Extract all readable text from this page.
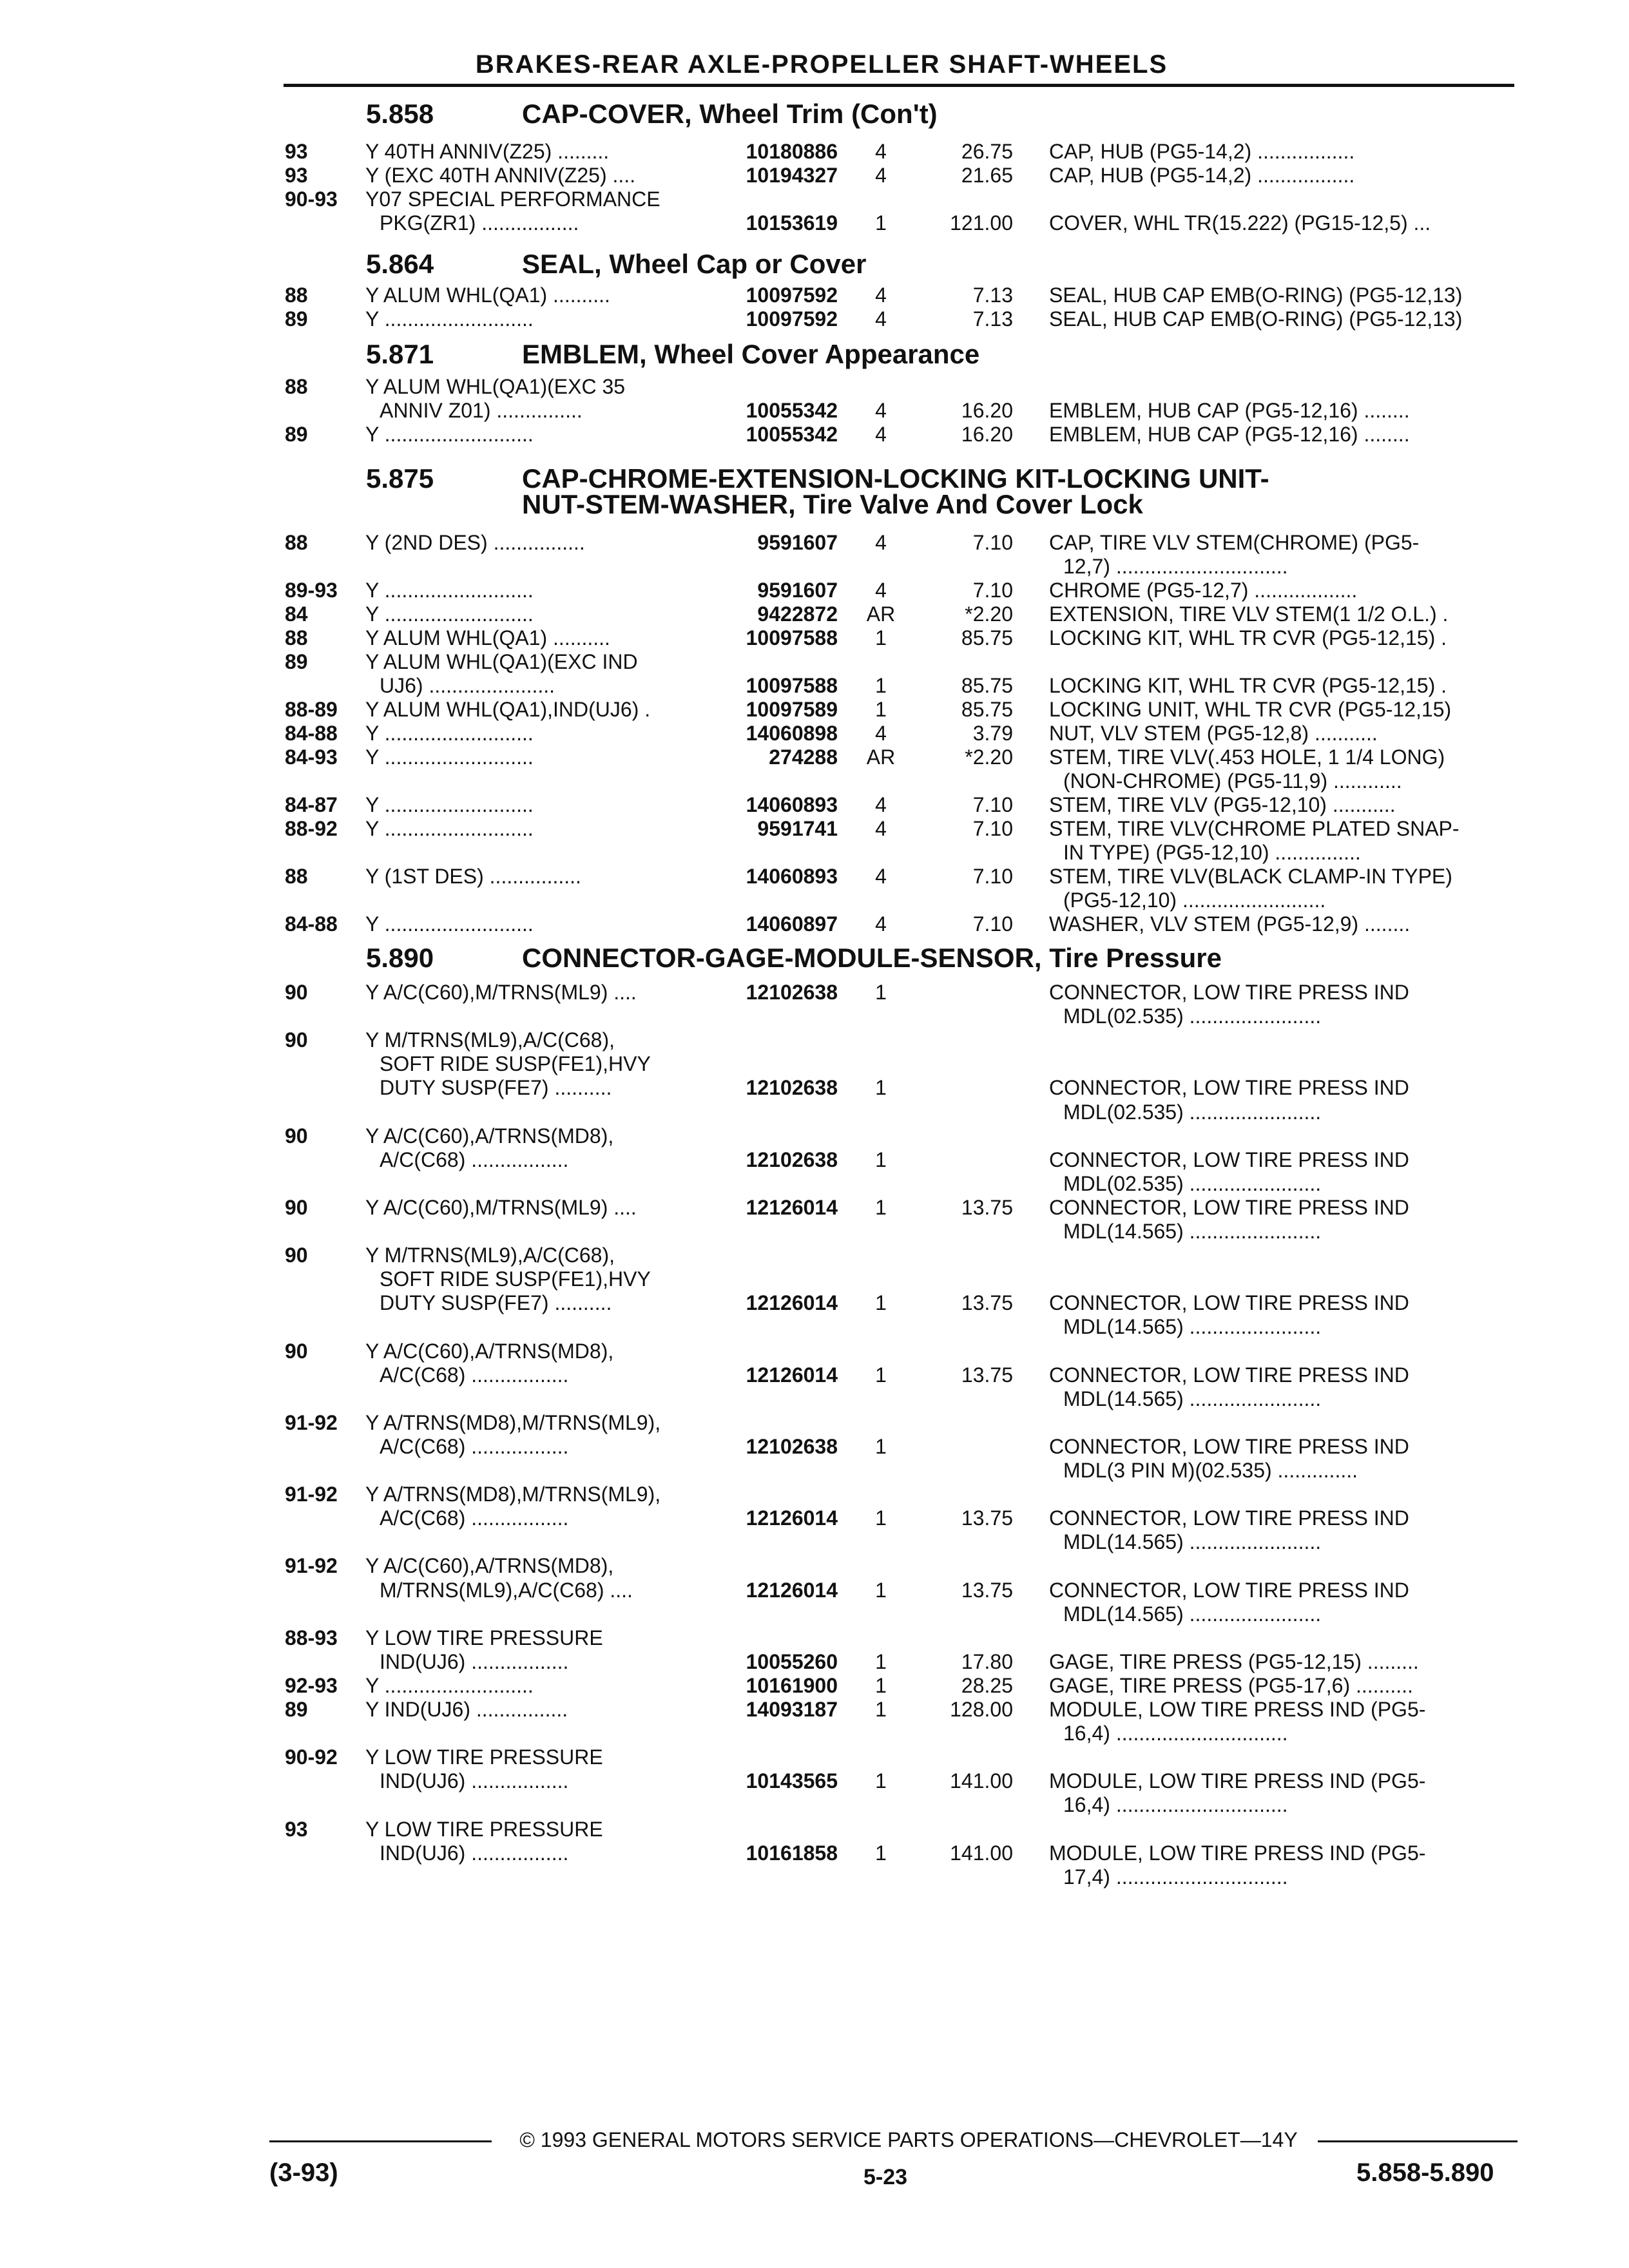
BRAKES-REAR AXLE-PROPELLER SHAFT-WHEELS
5.858	CAP-COVER, Wheel Trim (Con't)
93	Y 40TH ANNIV(Z25) .........	10180886	4	26.75 CAP, HUB (PG5-14,2) .................
93	Y (EXC 40TH ANNIV(Z25) ....	10194327	4	21.65 CAP, HUB (PG5-14,2) .................
90-93 Y07 SPECIAL PERFORMANCE
PKG(ZR1) .................	10153619	1	121.00 COVER, WHL TR(15.222) (PG15-12,5) ...
5.864	SEAL, Wheel Cap or Cover
88	Y ALUM WHL(QA1) ..........	10097592	4	7.13 SEAL, HUB CAP EMB(O-RING) (PG5-12,13)
89	Y ..........................	10097592	4	7.13 SEAL, HUB CAP EMB(O-RING) (PG5-12,13)
5.871	EMBLEM, Wheel Cover Appearance
88	Y ALUM WHL(QA1)(EXC 35
ANNIV Z01) ...............	10055342	4	16.20 EMBLEM, HUB CAP (PG5-12,16) ........
89	Y ..........................	10055342	4	16.20 EMBLEM, HUB CAP (PG5-12,16) ........
5.875	CAP-CHROME-EXTENSION-LOCKING KIT-LOCKING UNIT-
NUT-STEM-WASHER, Tire Valve And Cover Lock
88	Y (2ND DES) ................	9591607	4	7.10 CAP, TIRE VLV STEM(CHROME) (PG5-
12,7) ..............................
89-93 Y ..........................	9591607	4	7.10 CHROME (PG5-12,7) ..................
84	Y ..........................	9422872	AR	*2.20 EXTENSION, TIRE VLV STEM(1 1/2 O.L.) .
88	Y ALUM WHL(QA1) ..........	10097588	1	85.75 LOCKING KIT, WHL TR CVR (PG5-12,15) .
89	Y ALUM WHL(QA1)(EXC IND
UJ6) ......................	10097588	1	85.75 LOCKING KIT, WHL TR CVR (PG5-12,15) .
88-89 Y ALUM WHL(QA1),IND(UJ6) .	10097589	1	85.75 LOCKING UNIT, WHL TR CVR (PG5-12,15)
84-88 Y ..........................	14060898	4	3.79 NUT, VLV STEM (PG5-12,8) ...........
84-93 Y ..........................	274288	AR	*2.20 STEM, TIRE VLV(.453 HOLE, 1 1/4 LONG)
(NON-CHROME) (PG5-11,9) ............
84-87 Y ..........................	14060893	4	7.10 STEM, TIRE VLV (PG5-12,10) ...........
88-92 Y ..........................	9591741	4	7.10 STEM, TIRE VLV(CHROME PLATED SNAP-
IN TYPE) (PG5-12,10) ...............
88	Y (1ST DES) ................	14060893	4	7.10 STEM, TIRE VLV(BLACK CLAMP-IN TYPE)
(PG5-12,10) .........................
84-88 Y ..........................	14060897	4	7.10 WASHER, VLV STEM (PG5-12,9) ........
5.890	CONNECTOR-GAGE-MODULE-SENSOR, Tire Pressure
90	Y A/C(C60),M/TRNS(ML9) ....	12102638	1	CONNECTOR, LOW TIRE PRESS IND
MDL(02.535) .......................
90	Y M/TRNS(ML9),A/C(C68),
SOFT RIDE SUSP(FE1),HVY
DUTY SUSP(FE7) ..........	12102638	1	CONNECTOR, LOW TIRE PRESS IND
MDL(02.535) .......................
90	Y A/C(C60),A/TRNS(MD8),
A/C(C68) .................	12102638	1	CONNECTOR, LOW TIRE PRESS IND
MDL(02.535) .......................
90	Y A/C(C60),M/TRNS(ML9) ....	12126014	1	13.75 CONNECTOR, LOW TIRE PRESS IND
MDL(14.565) .......................
90	Y M/TRNS(ML9),A/C(C68),
SOFT RIDE SUSP(FE1),HVY
DUTY SUSP(FE7) ..........	12126014	1	13.75 CONNECTOR, LOW TIRE PRESS IND
MDL(14.565) .......................
90	Y A/C(C60),A/TRNS(MD8),
A/C(C68) .................	12126014	1	13.75 CONNECTOR, LOW TIRE PRESS IND
MDL(14.565) .......................
91-92 Y A/TRNS(MD8),M/TRNS(ML9),
A/C(C68) .................	12102638	1	CONNECTOR, LOW TIRE PRESS IND
MDL(3 PIN M)(02.535) ..............
91-92 Y A/TRNS(MD8),M/TRNS(ML9),
A/C(C68) .................	12126014	1	13.75 CONNECTOR, LOW TIRE PRESS IND
MDL(14.565) .......................
91-92 Y A/C(C60),A/TRNS(MD8),
M/TRNS(ML9),A/C(C68) ....	12126014	1	13.75 CONNECTOR, LOW TIRE PRESS IND
MDL(14.565) .......................
88-93 Y LOW TIRE PRESSURE
IND(UJ6) .................	10055260	1	17.80 GAGE, TIRE PRESS (PG5-12,15) .........
92-93 Y ..........................	10161900	1	28.25 GAGE, TIRE PRESS (PG5-17,6) ..........
89	Y IND(UJ6) ................	14093187	1	128.00 MODULE, LOW TIRE PRESS IND (PG5-
16,4) ..............................
90-92 Y LOW TIRE PRESSURE
IND(UJ6) .................	10143565	1	141.00 MODULE, LOW TIRE PRESS IND (PG5-
16,4) ..............................
93	Y LOW TIRE PRESSURE
IND(UJ6) .................	10161858	1	141.00 MODULE, LOW TIRE PRESS IND (PG5-
17,4) ..............................
© 1993 GENERAL MOTORS SERVICE PARTS OPERATIONS—CHEVROLET—14Y
(3-93)	5-23	5.858-5.890
